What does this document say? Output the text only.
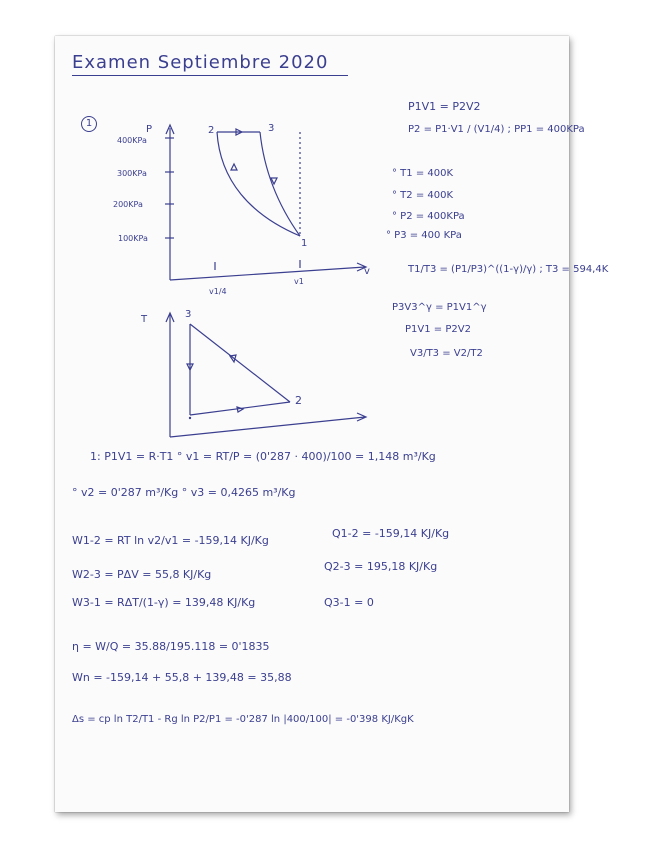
Examen Septiembre 2020
1
P
400KPa
300KPa
200KPa
100KPa
v
v1/4
v1
2	3
1
T	3
2
P1V1 = P2V2
P2 = P1·V1 / (V1/4) ; PP1 = 400KPa
° T1 = 400K
° T2 = 400K
° P2 = 400KPa
° P3 = 400 KPa
T1/T3 = (P1/P3)^((1-γ)/γ) ; T3 = 594,4K
P3V3^γ = P1V1^γ
P1V1 = P2V2
V3/T3 = V2/T2
1: P1V1 = R·T1 ° v1 = RT/P = (0'287 · 400)/100 = 1,148 m³/Kg
° v2 = 0'287 m³/Kg ° v3 = 0,4265 m³/Kg
W1-2 = RT ln v2/v1 = -159,14 KJ/Kg
Q1-2 = -159,14 KJ/Kg
W2-3 = PΔV = 55,8 KJ/Kg
Q2-3 = 195,18 KJ/Kg
W3-1 = RΔT/(1-γ) = 139,48 KJ/Kg	Q3-1 = 0
η = W/Q = 35.88/195.118 = 0'1835
Wn = -159,14 + 55,8 + 139,48 = 35,88
Δs = cp ln T2/T1 - Rg ln P2/P1 = -0'287 ln |400/100| = -0'398 KJ/KgK
